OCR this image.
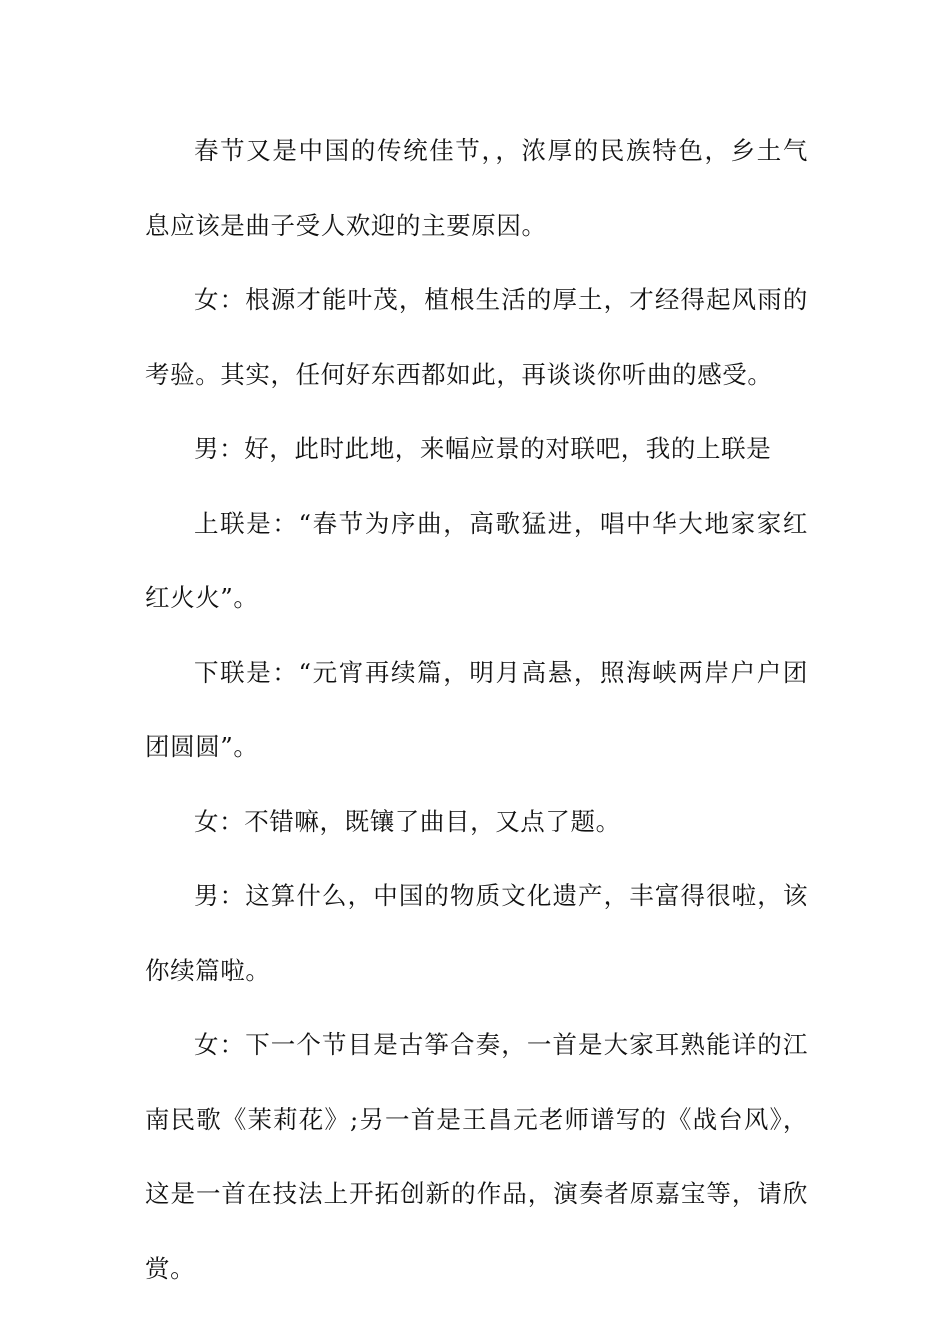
春节又是中国的传统佳节，，浓厚的民族特色，乡土气息应该是曲子受人欢迎的主要原因。

女：根源才能叶茂，植根生活的厚土，才经得起风雨的考验。其实，任何好东西都如此，再谈谈你听曲的感受。

男：好，此时此地，来幅应景的对联吧，我的上联是

上联是：“春节为序曲，高歌猛进，唱中华大地家家红红火火”。

下联是：“元宵再续篇，明月高悬，照海峡两岸户户团团圆圆”。

女：不错嘛，既镶了曲目，又点了题。

男：这算什么，中国的物质文化遗产，丰富得很啦，该你续篇啦。

女：下一个节目是古筝合奏，一首是大家耳熟能详的江南民歌《茉莉花》;另一首是王昌元老师谱写的《战台风》，这是一首在技法上开拓创新的作品，演奏者原嘉宝等，请欣赏。
